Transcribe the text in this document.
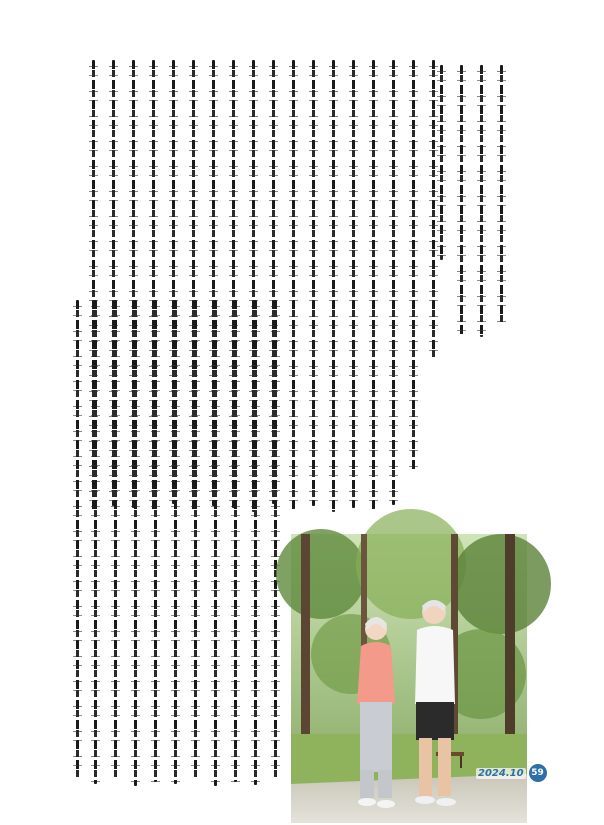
2024.10 59
